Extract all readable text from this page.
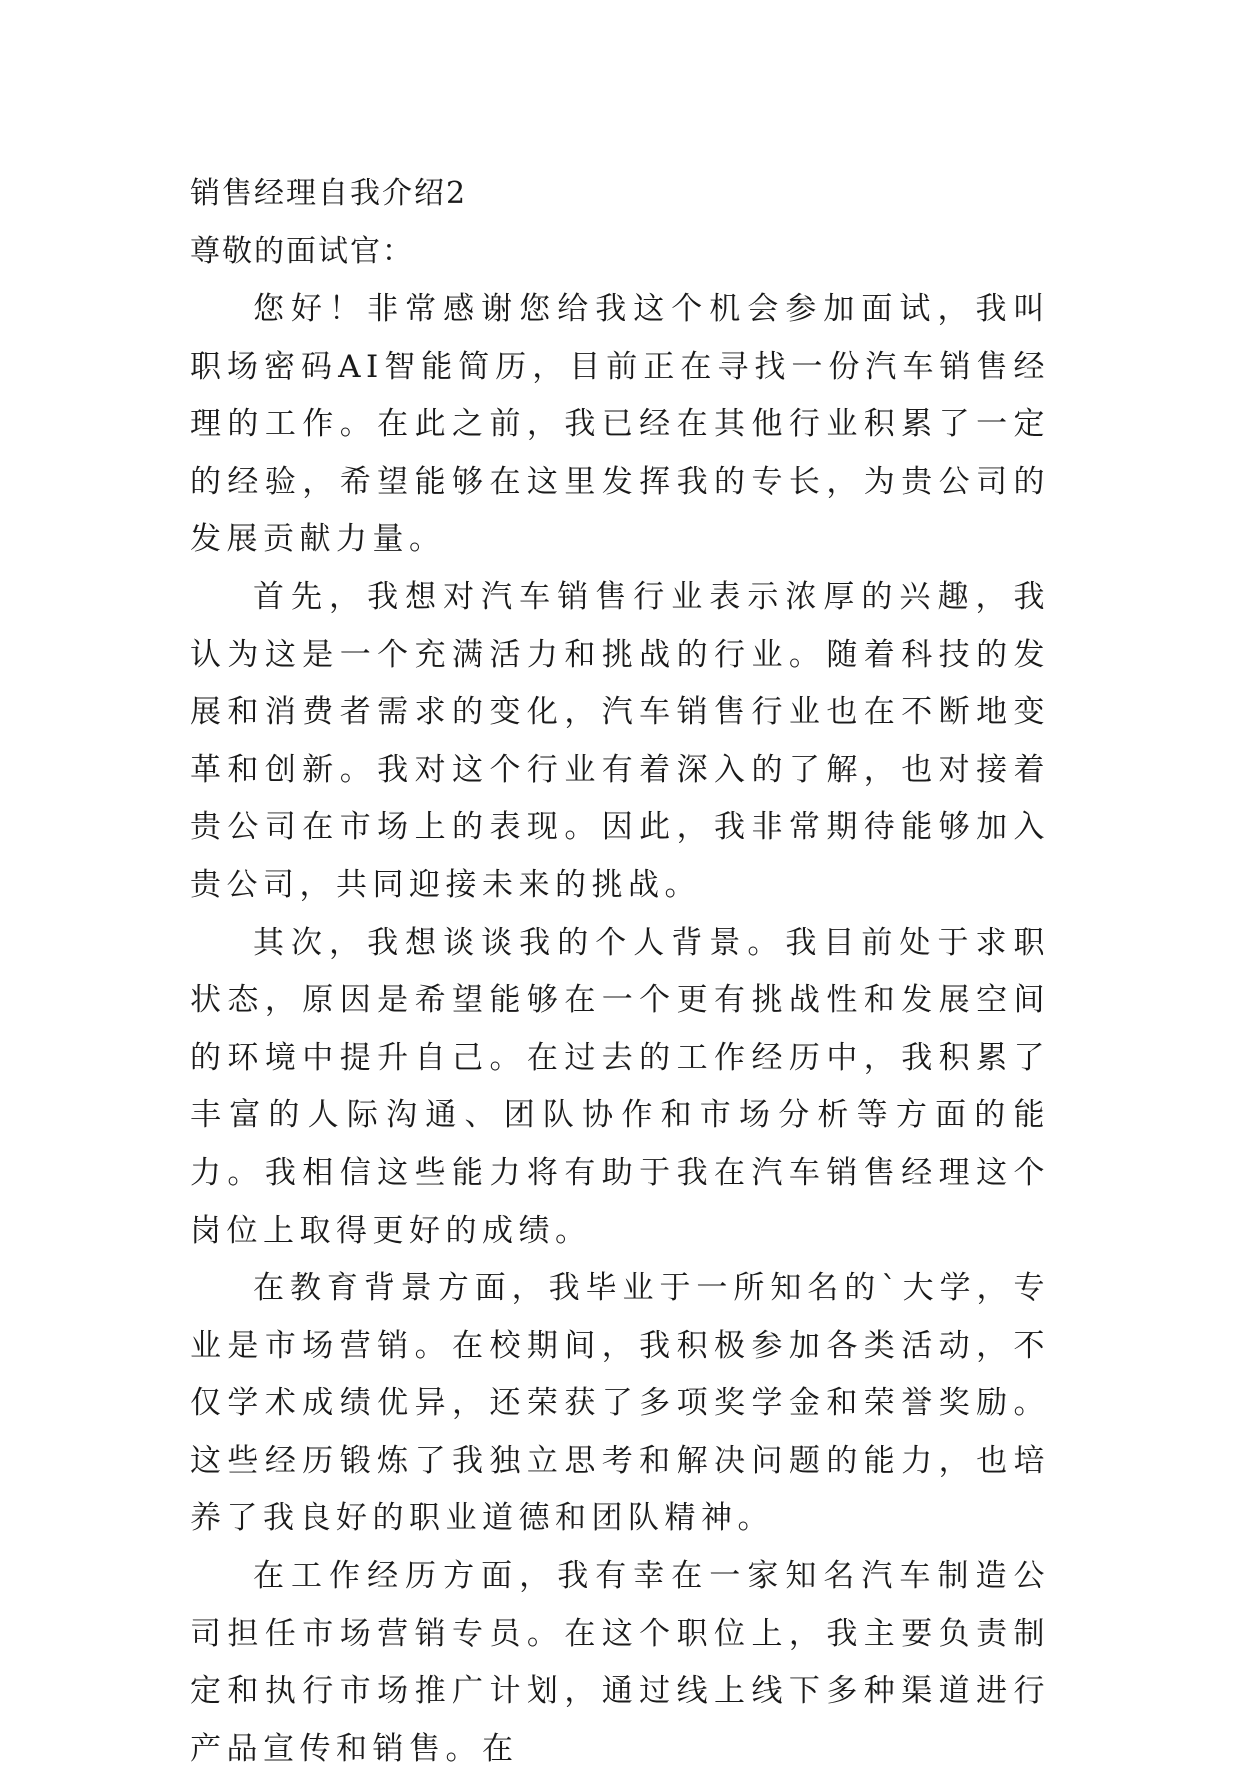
销售经理自我介绍2

尊敬的面试官：

您好！非常感谢您给我这个机会参加面试，我叫职场密码AI智能简历，目前正在寻找一份汽车销售经理的工作。在此之前，我已经在其他行业积累了一定的经验，希望能够在这里发挥我的专长，为贵公司的发展贡献力量。

首先，我想对汽车销售行业表示浓厚的兴趣，我认为这是一个充满活力和挑战的行业。随着科技的发展和消费者需求的变化，汽车销售行业也在不断地变革和创新。我对这个行业有着深入的了解，也对接着贵公司在市场上的表现。因此，我非常期待能够加入贵公司，共同迎接未来的挑战。

其次，我想谈谈我的个人背景。我目前处于求职状态，原因是希望能够在一个更有挑战性和发展空间的环境中提升自己。在过去的工作经历中，我积累了丰富的人际沟通、团队协作和市场分析等方面的能力。我相信这些能力将有助于我在汽车销售经理这个岗位上取得更好的成绩。

在教育背景方面，我毕业于一所知名的`大学，专业是市场营销。在校期间，我积极参加各类活动，不仅学术成绩优异，还荣获了多项奖学金和荣誉奖励。这些经历锻炼了我独立思考和解决问题的能力，也培养了我良好的职业道德和团队精神。

在工作经历方面，我有幸在一家知名汽车制造公司担任市场营销专员。在这个职位上，我主要负责制定和执行市场推广计划，通过线上线下多种渠道进行产品宣传和销售。在
